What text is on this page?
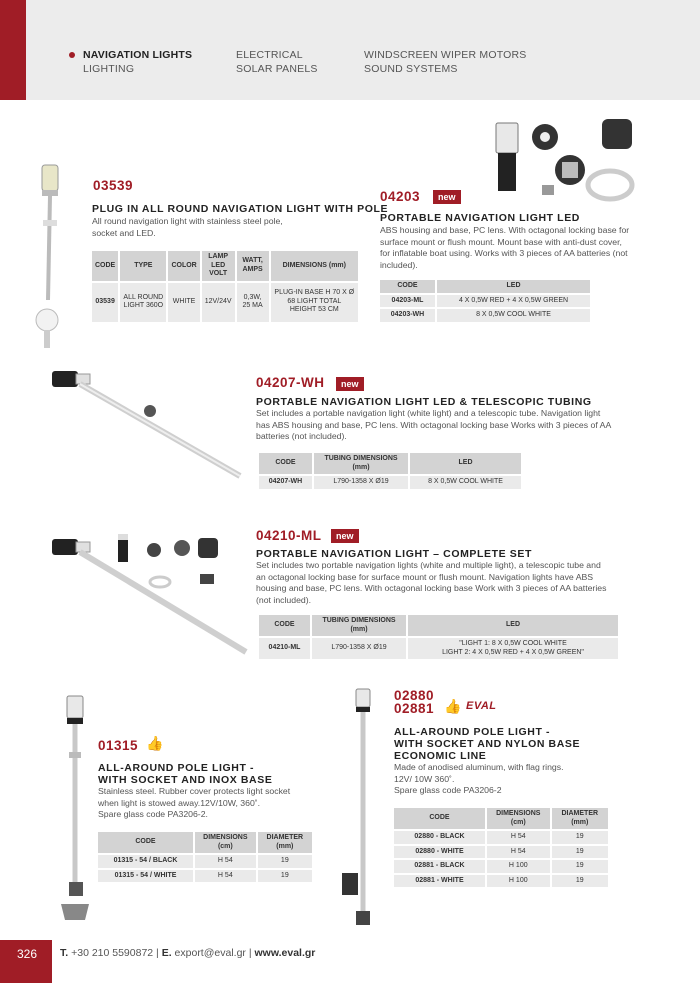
NAVIGATION LIGHTS
LIGHTING
ELECTRICAL
SOLAR PANELS
WINDSCREEN WIPER MOTORS
SOUND SYSTEMS
03539
PLUG IN ALL ROUND NAVIGATION LIGHT WITH POLE
All round navigation light with stainless steel pole,
socket and LED.
CODE	TYPE	COLOR	LAMP LED VOLT	WATT, AMPS	DIMENSIONS (mm)
03539	ALL ROUND LIGHT 360O	WHITE	12V/24V	0,3W, 25 MA	PLUG-IN BASE H 70 X Ø 68 LIGHT TOTAL HEIGHT 53 CM
04203	new
PORTABLE NAVIGATION LIGHT LED
ABS housing and base, PC lens. With octagonal locking base for
surface mount or flush mount. Mount base with anti-dust cover,
for inflatable boat using. Works with 3 pieces of AA batteries (not
included).
CODE	LED
04203-ML	4 X 0,5W RED + 4 X 0,5W GREEN
04203-WH	8 X 0,5W COOL WHITE
04207-WH	new
PORTABLE NAVIGATION LIGHT LED & TELESCOPIC TUBING
Set includes a portable navigation light (white light) and a telescopic tube. Navigation light
has ABS housing and base, PC lens. With octagonal locking base Works with 3 pieces of AA
batteries (not included).
CODE	TUBING DIMENSIONS (mm)	LED
04207-WH	L790-1358 X Ø19	8 X 0,5W COOL WHITE
04210-ML	new
PORTABLE NAVIGATION LIGHT – COMPLETE SET
Set includes two portable navigation lights (white and multiple light), a telescopic tube and
an octagonal locking base for surface mount or flush mount. Navigation lights have ABS
housing and base, PC lens. With octagonal locking base Work with 3 pieces of AA batteries
(not included).
CODE	TUBING DIMENSIONS (mm)	LED
04210-ML	L790-1358 X Ø19	"LIGHT 1: 8 X 0,5W COOL WHITE
LIGHT 2: 4 X 0,5W RED + 4 X 0,5W GREEN"
01315 👍
ALL-AROUND POLE LIGHT -
WITH SOCKET AND INOX BASE
Stainless steel. Rubber cover protects light socket
when light is stowed away.12V/10W, 360˚.
Spare glass code PA3206-2.
CODE	DIMENSIONS (cm)	DIAMETER (mm)
01315 - 54 / BLACK	H 54	19
01315 - 54 / WHITE	H 54	19
02880
02881 👍 EVAL
ALL-AROUND POLE LIGHT -
WITH SOCKET AND NYLON BASE
ECONOMIC LINE
Made of anodised aluminum, with flag rings.
12V/ 10W 360˚.
Spare glass code PA3206-2
CODE	DIMENSIONS (cm)	DIAMETER (mm)
02880 - BLACK	H 54	19
02880 - WHITE	H 54	19
02881 - BLACK	H 100	19
02881 - WHITE	H 100	19
326 T. +30 210 5590872 | E. export@eval.gr | www.eval.gr
